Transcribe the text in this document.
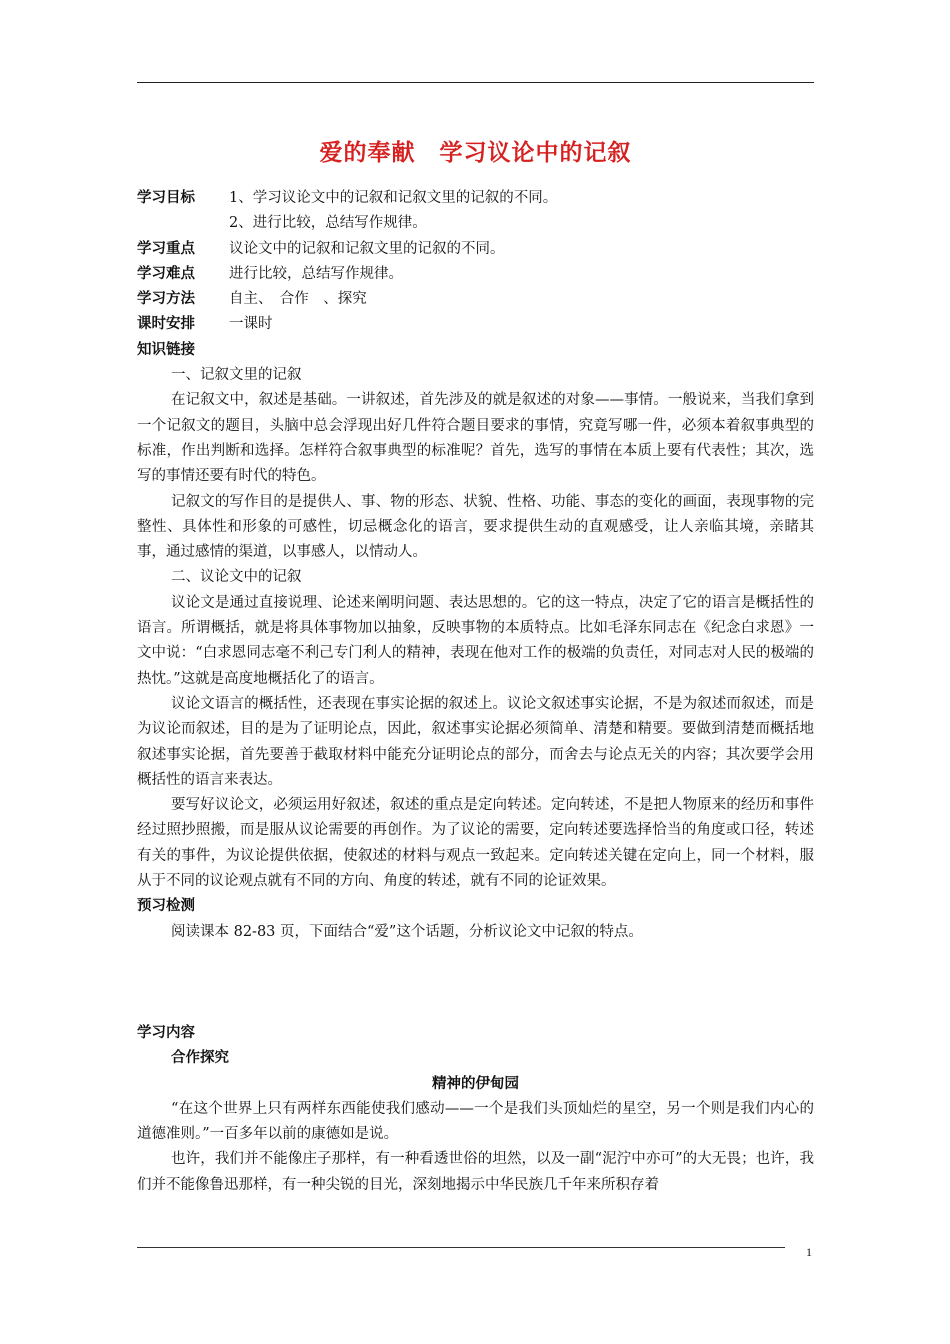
爱的奉献　学习议论中的记叙
学习目标	1、学习议论文中的记叙和记叙文里的记叙的不同。
2、进行比较，总结写作规律。
学习重点	议论文中的记叙和记叙文里的记叙的不同。
学习难点	进行比较，总结写作规律。
学习方法	自主、　合作　、探究
课时安排	一课时
知识链接
一、记叙文里的记叙
在记叙文中，叙述是基础。一讲叙述，首先涉及的就是叙述的对象——事情。一般说来，当我们拿到一个记叙文的题目，头脑中总会浮现出好几件符合题目要求的事情，究竟写哪一件，必须本着叙事典型的标准，作出判断和选择。怎样符合叙事典型的标准呢？首先，选写的事情在本质上要有代表性；其次，选写的事情还要有时代的特色。
记叙文的写作目的是提供人、事、物的形态、状貌、性格、功能、事态的变化的画面，表现事物的完整性、具体性和形象的可感性，切忌概念化的语言，要求提供生动的直观感受，让人亲临其境，亲睹其事，通过感情的渠道，以事感人，以情动人。
二、议论文中的记叙
议论文是通过直接说理、论述来阐明问题、表达思想的。它的这一特点，决定了它的语言是概括性的语言。所谓概括，就是将具体事物加以抽象，反映事物的本质特点。比如毛泽东同志在《纪念白求恩》一文中说：“白求恩同志毫不利己专门利人的精神，表现在他对工作的极端的负责任，对同志对人民的极端的热忱。”这就是高度地概括化了的语言。
议论文语言的概括性，还表现在事实论据的叙述上。议论文叙述事实论据，不是为叙述而叙述，而是为议论而叙述，目的是为了证明论点，因此，叙述事实论据必须简单、清楚和精要。要做到清楚而概括地叙述事实论据，首先要善于截取材料中能充分证明论点的部分，而舍去与论点无关的内容；其次要学会用概括性的语言来表达。
要写好议论文，必须运用好叙述，叙述的重点是定向转述。定向转述，不是把人物原来的经历和事件经过照抄照搬，而是服从议论需要的再创作。为了议论的需要，定向转述要选择恰当的角度或口径，转述有关的事件，为议论提供依据，使叙述的材料与观点一致起来。定向转述关键在定向上，同一个材料，服从于不同的议论观点就有不同的方向、角度的转述，就有不同的论证效果。
预习检测
阅读课本 82-83 页，下面结合“爱”这个话题，分析议论文中记叙的特点。
学习内容
合作探究
精神的伊甸园
“在这个世界上只有两样东西能使我们感动——一个是我们头顶灿烂的星空，另一个则是我们内心的道德准则。”一百多年以前的康德如是说。
也许，我们并不能像庄子那样，有一种看透世俗的坦然，以及一副“泥泞中亦可”的大无畏；也许，我们并不能像鲁迅那样，有一种尖锐的目光，深刻地揭示中华民族几千年来所积存着
1
